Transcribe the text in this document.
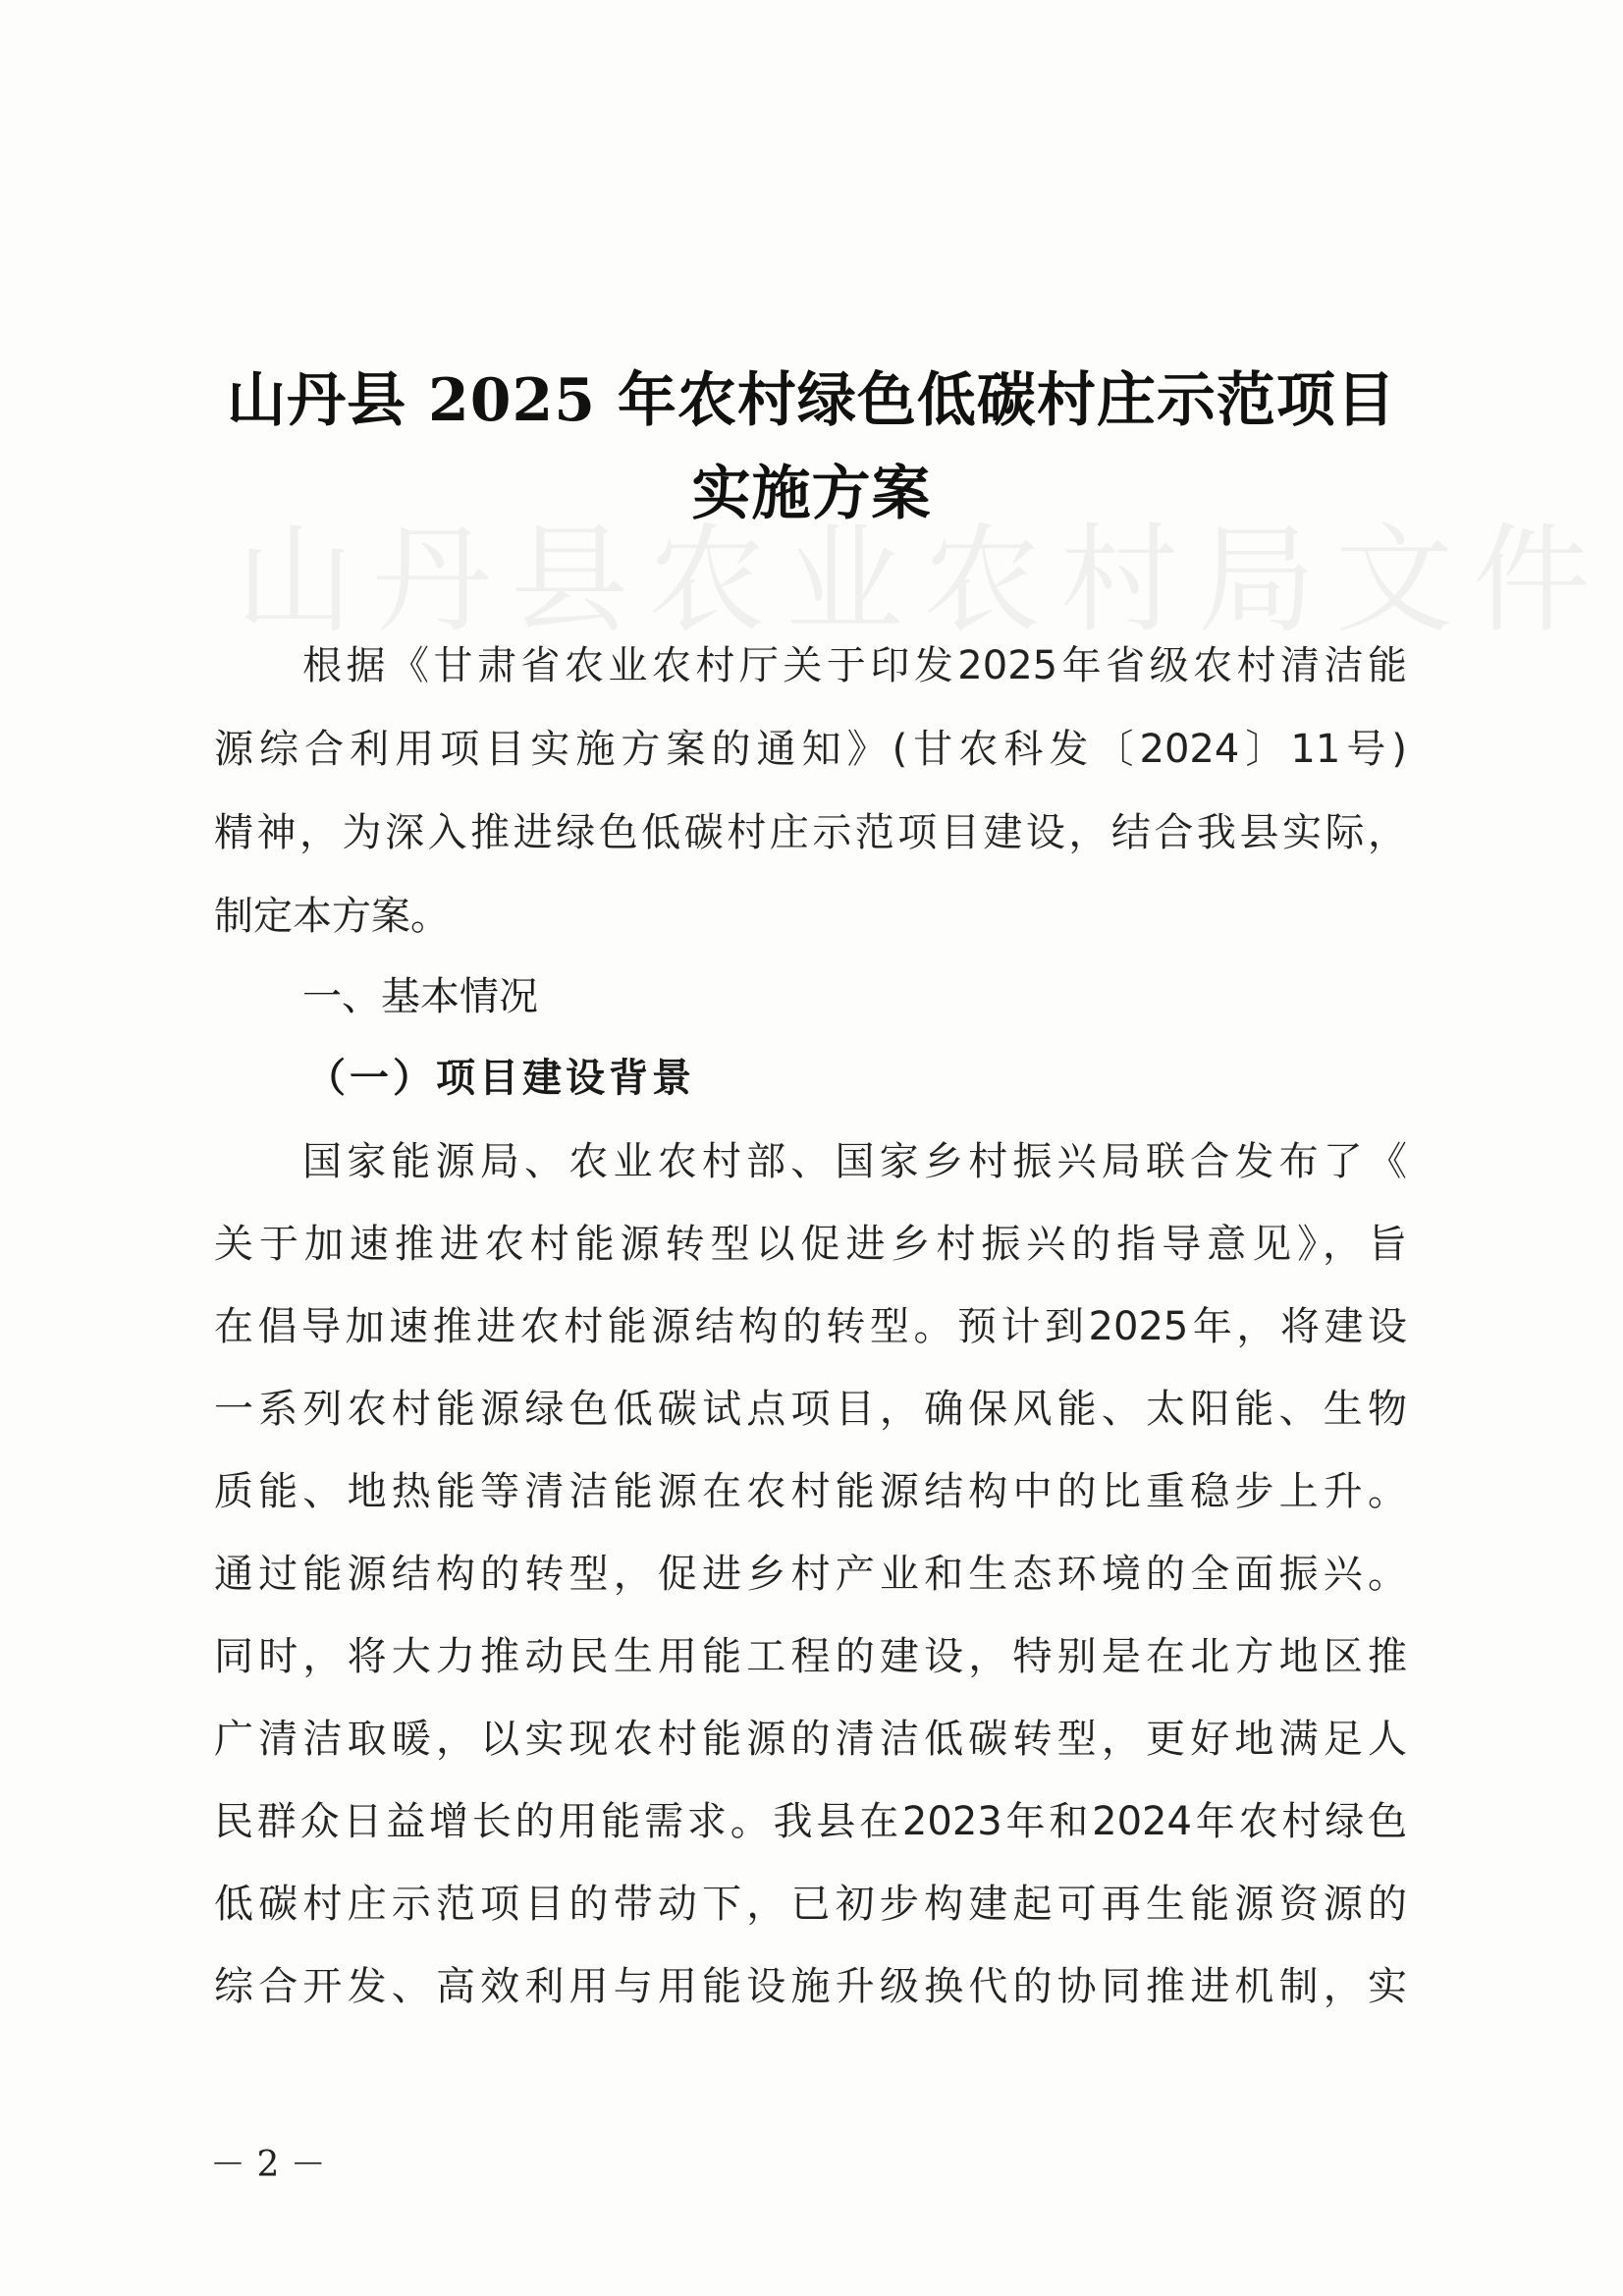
山丹县农业农村局文件
山丹县 2025 年农村绿色低碳村庄示范项目
实施方案
根据《甘肃省农业农村厅关于印发2025年省级农村清洁能
源综合利用项目实施方案的通知》(甘农科发〔2024〕11号)
精神，为深入推进绿色低碳村庄示范项目建设，结合我县实际，
制定本方案。
一、基本情况
（一）项目建设背景
国家能源局、农业农村部、国家乡村振兴局联合发布了《
关于加速推进农村能源转型以促进乡村振兴的指导意见》，旨
在倡导加速推进农村能源结构的转型。预计到2025年，将建设
一系列农村能源绿色低碳试点项目，确保风能、太阳能、生物
质能、地热能等清洁能源在农村能源结构中的比重稳步上升。
通过能源结构的转型，促进乡村产业和生态环境的全面振兴。
同时，将大力推动民生用能工程的建设，特别是在北方地区推
广清洁取暖，以实现农村能源的清洁低碳转型，更好地满足人
民群众日益增长的用能需求。我县在2023年和2024年农村绿色
低碳村庄示范项目的带动下，已初步构建起可再生能源资源的
综合开发、高效利用与用能设施升级换代的协同推进机制，实
－ 2 －
